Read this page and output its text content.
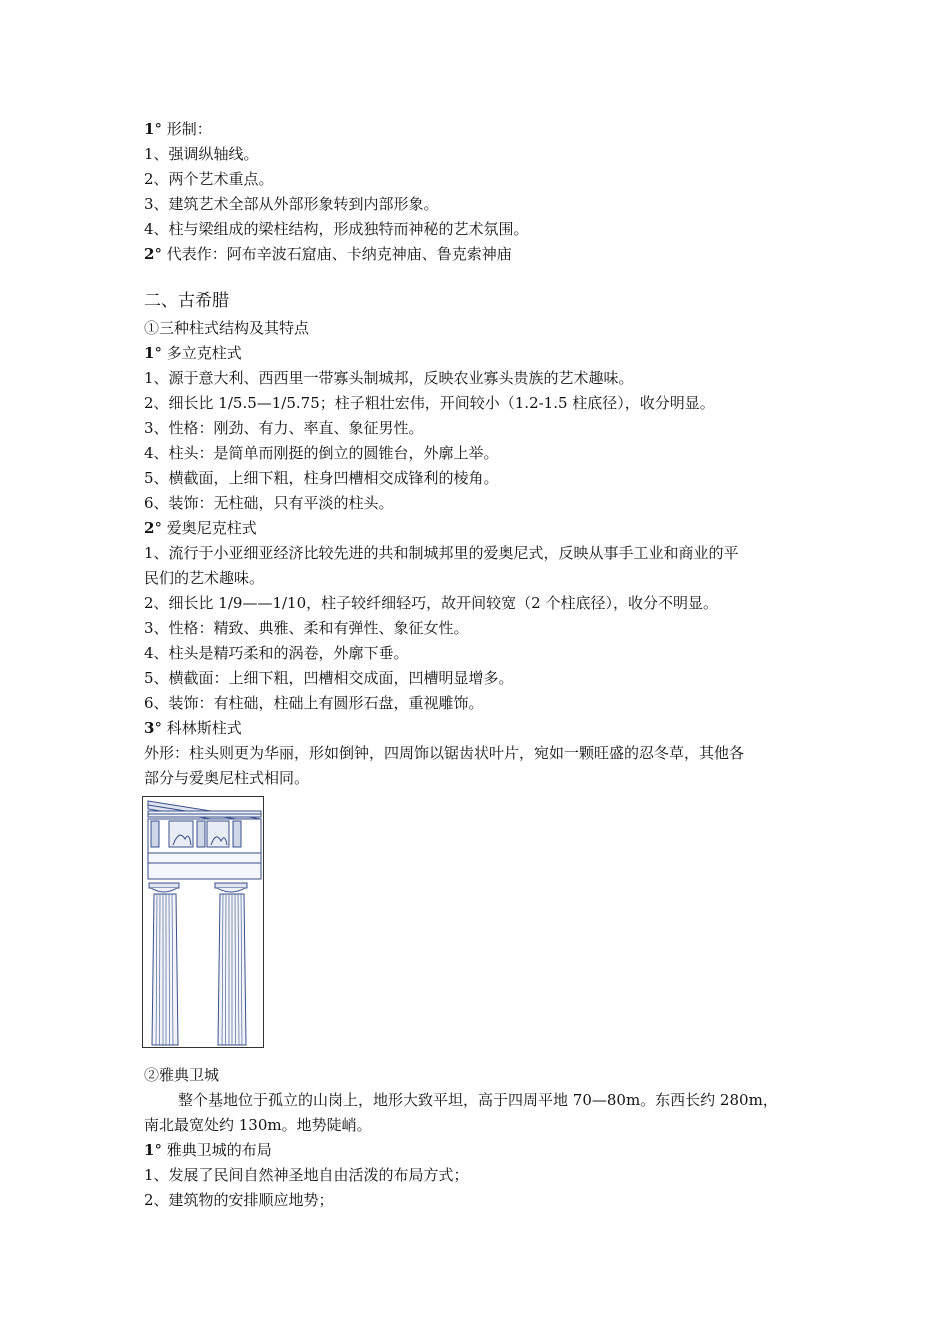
1° 形制：
1、强调纵轴线。
2、两个艺术重点。
3、建筑艺术全部从外部形象转到内部形象。
4、柱与梁组成的梁柱结构，形成独特而神秘的艺术氛围。
2° 代表作：阿布辛波石窟庙、卡纳克神庙、鲁克索神庙
二、古希腊
①三种柱式结构及其特点
1° 多立克柱式
1、源于意大利、西西里一带寡头制城邦，反映农业寡头贵族的艺术趣味。
2、细长比 1/5.5—1/5.75；柱子粗壮宏伟，开间较小（1.2-1.5 柱底径），收分明显。
3、性格：刚劲、有力、率直、象征男性。
4、柱头：是简单而刚挺的倒立的圆锥台，外廓上举。
5、横截面，上细下粗，柱身凹槽相交成锋利的棱角。
6、装饰：无柱础，只有平淡的柱头。
2° 爱奥尼克柱式
1、流行于小亚细亚经济比较先进的共和制城邦里的爱奥尼式，反映从事手工业和商业的平
民们的艺术趣味。
2、细长比 1/9——1/10，柱子较纤细轻巧，故开间较宽（2 个柱底径），收分不明显。
3、性格：精致、典雅、柔和有弹性、象征女性。
4、柱头是精巧柔和的涡卷，外廓下垂。
5、横截面：上细下粗，凹槽相交成面，凹槽明显增多。
6、装饰：有柱础，柱础上有圆形石盘，重视雕饰。
3° 科林斯柱式
外形：柱头则更为华丽，形如倒钟，四周饰以锯齿状叶片，宛如一颗旺盛的忍冬草，其他各
部分与爱奥尼柱式相同。
②雅典卫城
整个基地位于孤立的山岗上，地形大致平坦，高于四周平地 70—80m。东西长约 280m，
南北最宽处约 130m。地势陡峭。
1° 雅典卫城的布局
1、发展了民间自然神圣地自由活泼的布局方式；
2、建筑物的安排顺应地势；
